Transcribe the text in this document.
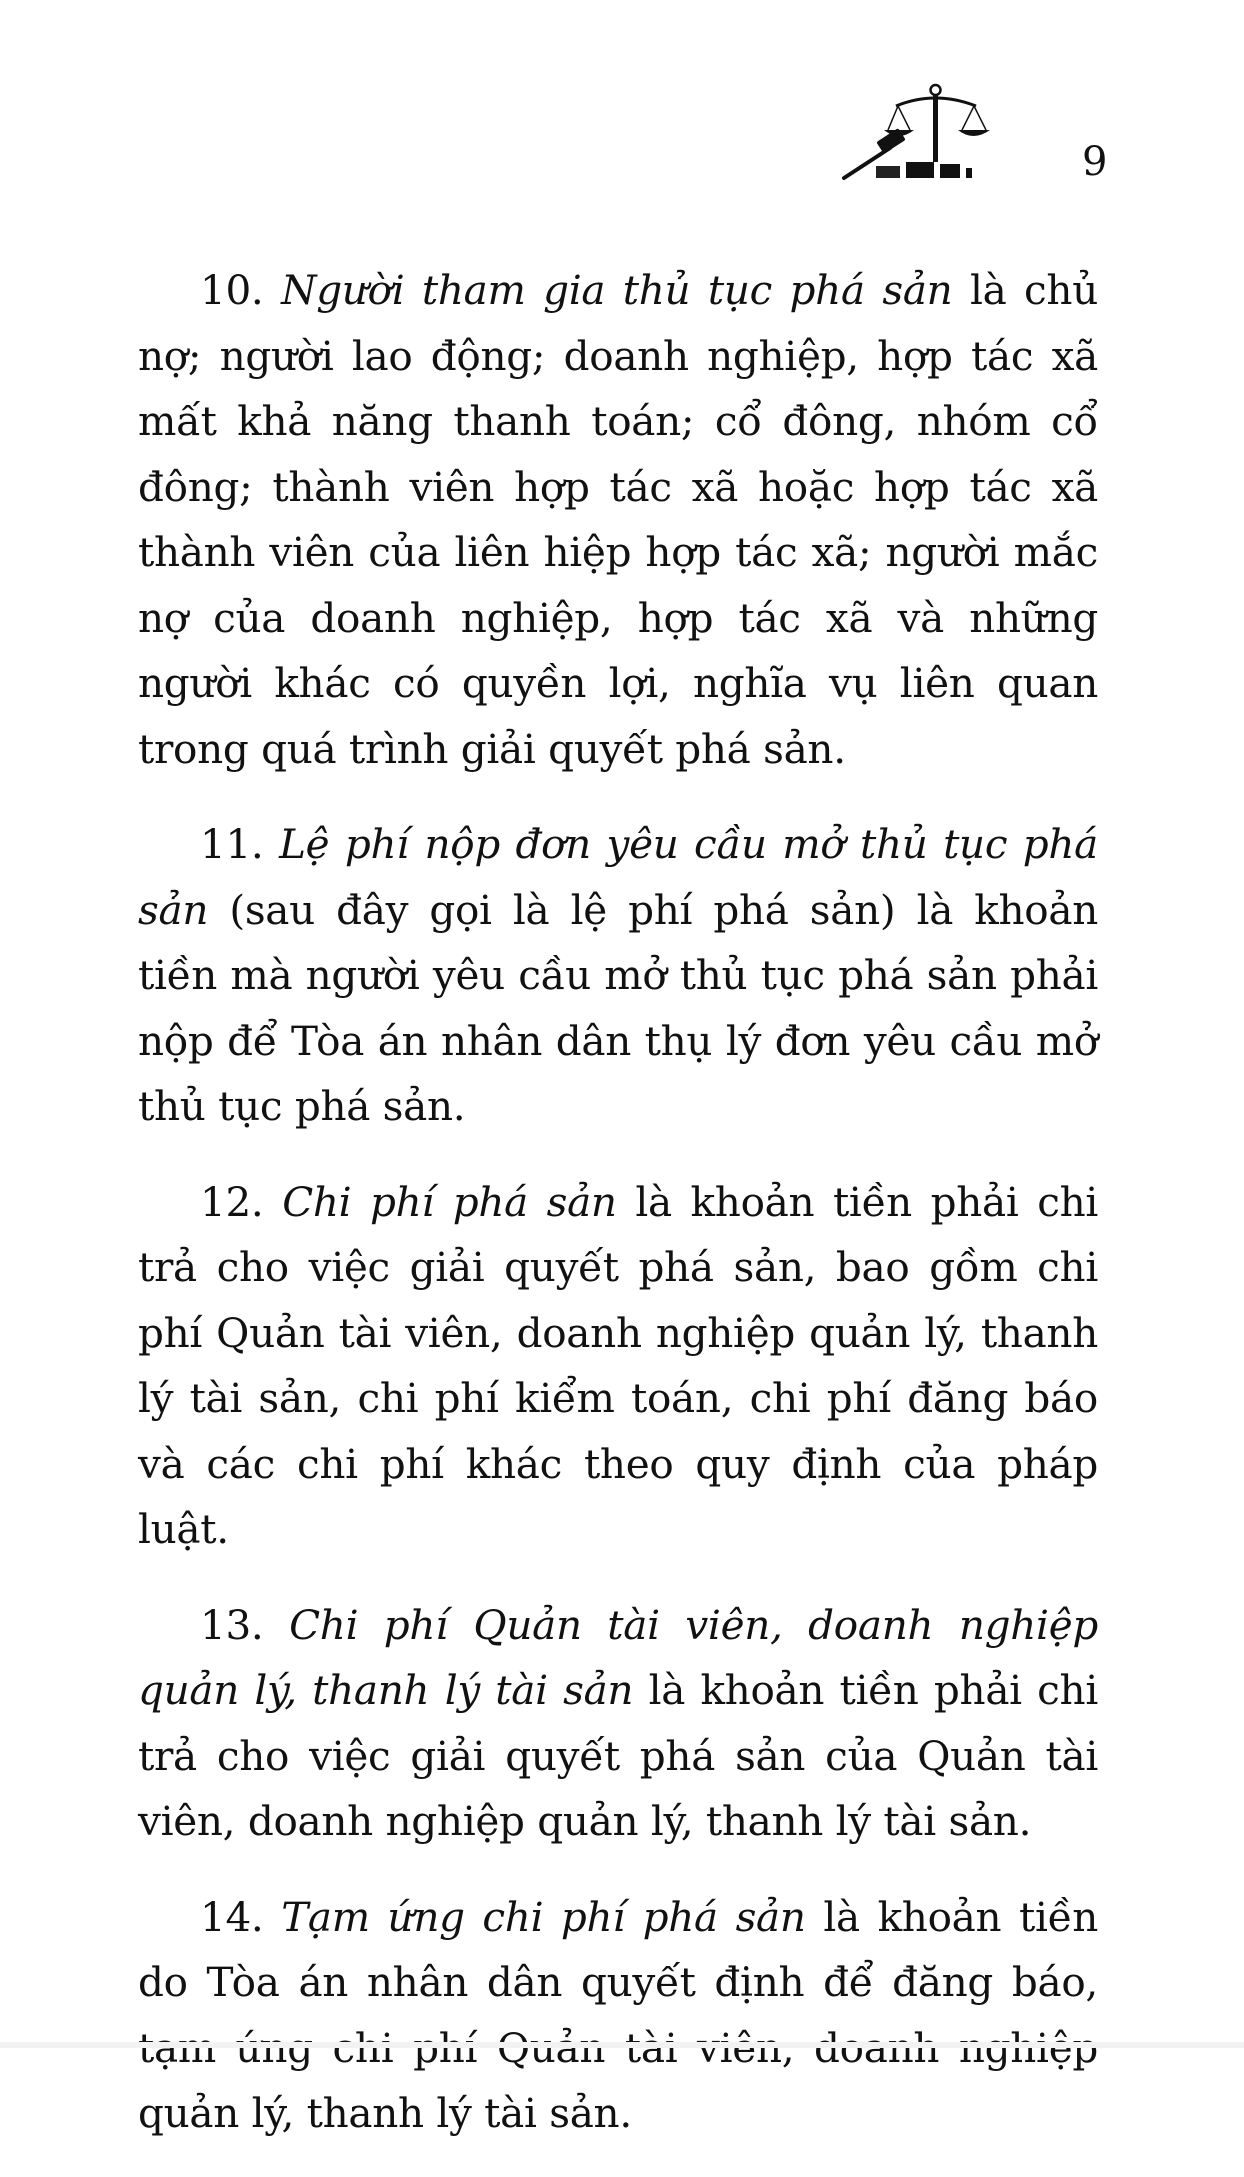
9

10. Người tham gia thủ tục phá sản là chủ nợ; người lao động; doanh nghiệp, hợp tác xã mất khả năng thanh toán; cổ đông, nhóm cổ đông; thành viên hợp tác xã hoặc hợp tác xã thành viên của liên hiệp hợp tác xã; người mắc nợ của doanh nghiệp, hợp tác xã và những người khác có quyền lợi, nghĩa vụ liên quan trong quá trình giải quyết phá sản.

11. Lệ phí nộp đơn yêu cầu mở thủ tục phá sản (sau đây gọi là lệ phí phá sản) là khoản tiền mà người yêu cầu mở thủ tục phá sản phải nộp để Tòa án nhân dân thụ lý đơn yêu cầu mở thủ tục phá sản.

12. Chi phí phá sản là khoản tiền phải chi trả cho việc giải quyết phá sản, bao gồm chi phí Quản tài viên, doanh nghiệp quản lý, thanh lý tài sản, chi phí kiểm toán, chi phí đăng báo và các chi phí khác theo quy định của pháp luật.

13. Chi phí Quản tài viên, doanh nghiệp quản lý, thanh lý tài sản là khoản tiền phải chi trả cho việc giải quyết phá sản của Quản tài viên, doanh nghiệp quản lý, thanh lý tài sản.

14. Tạm ứng chi phí phá sản là khoản tiền do Tòa án nhân dân quyết định để đăng báo, quản lý, thanh lý tài sản.
